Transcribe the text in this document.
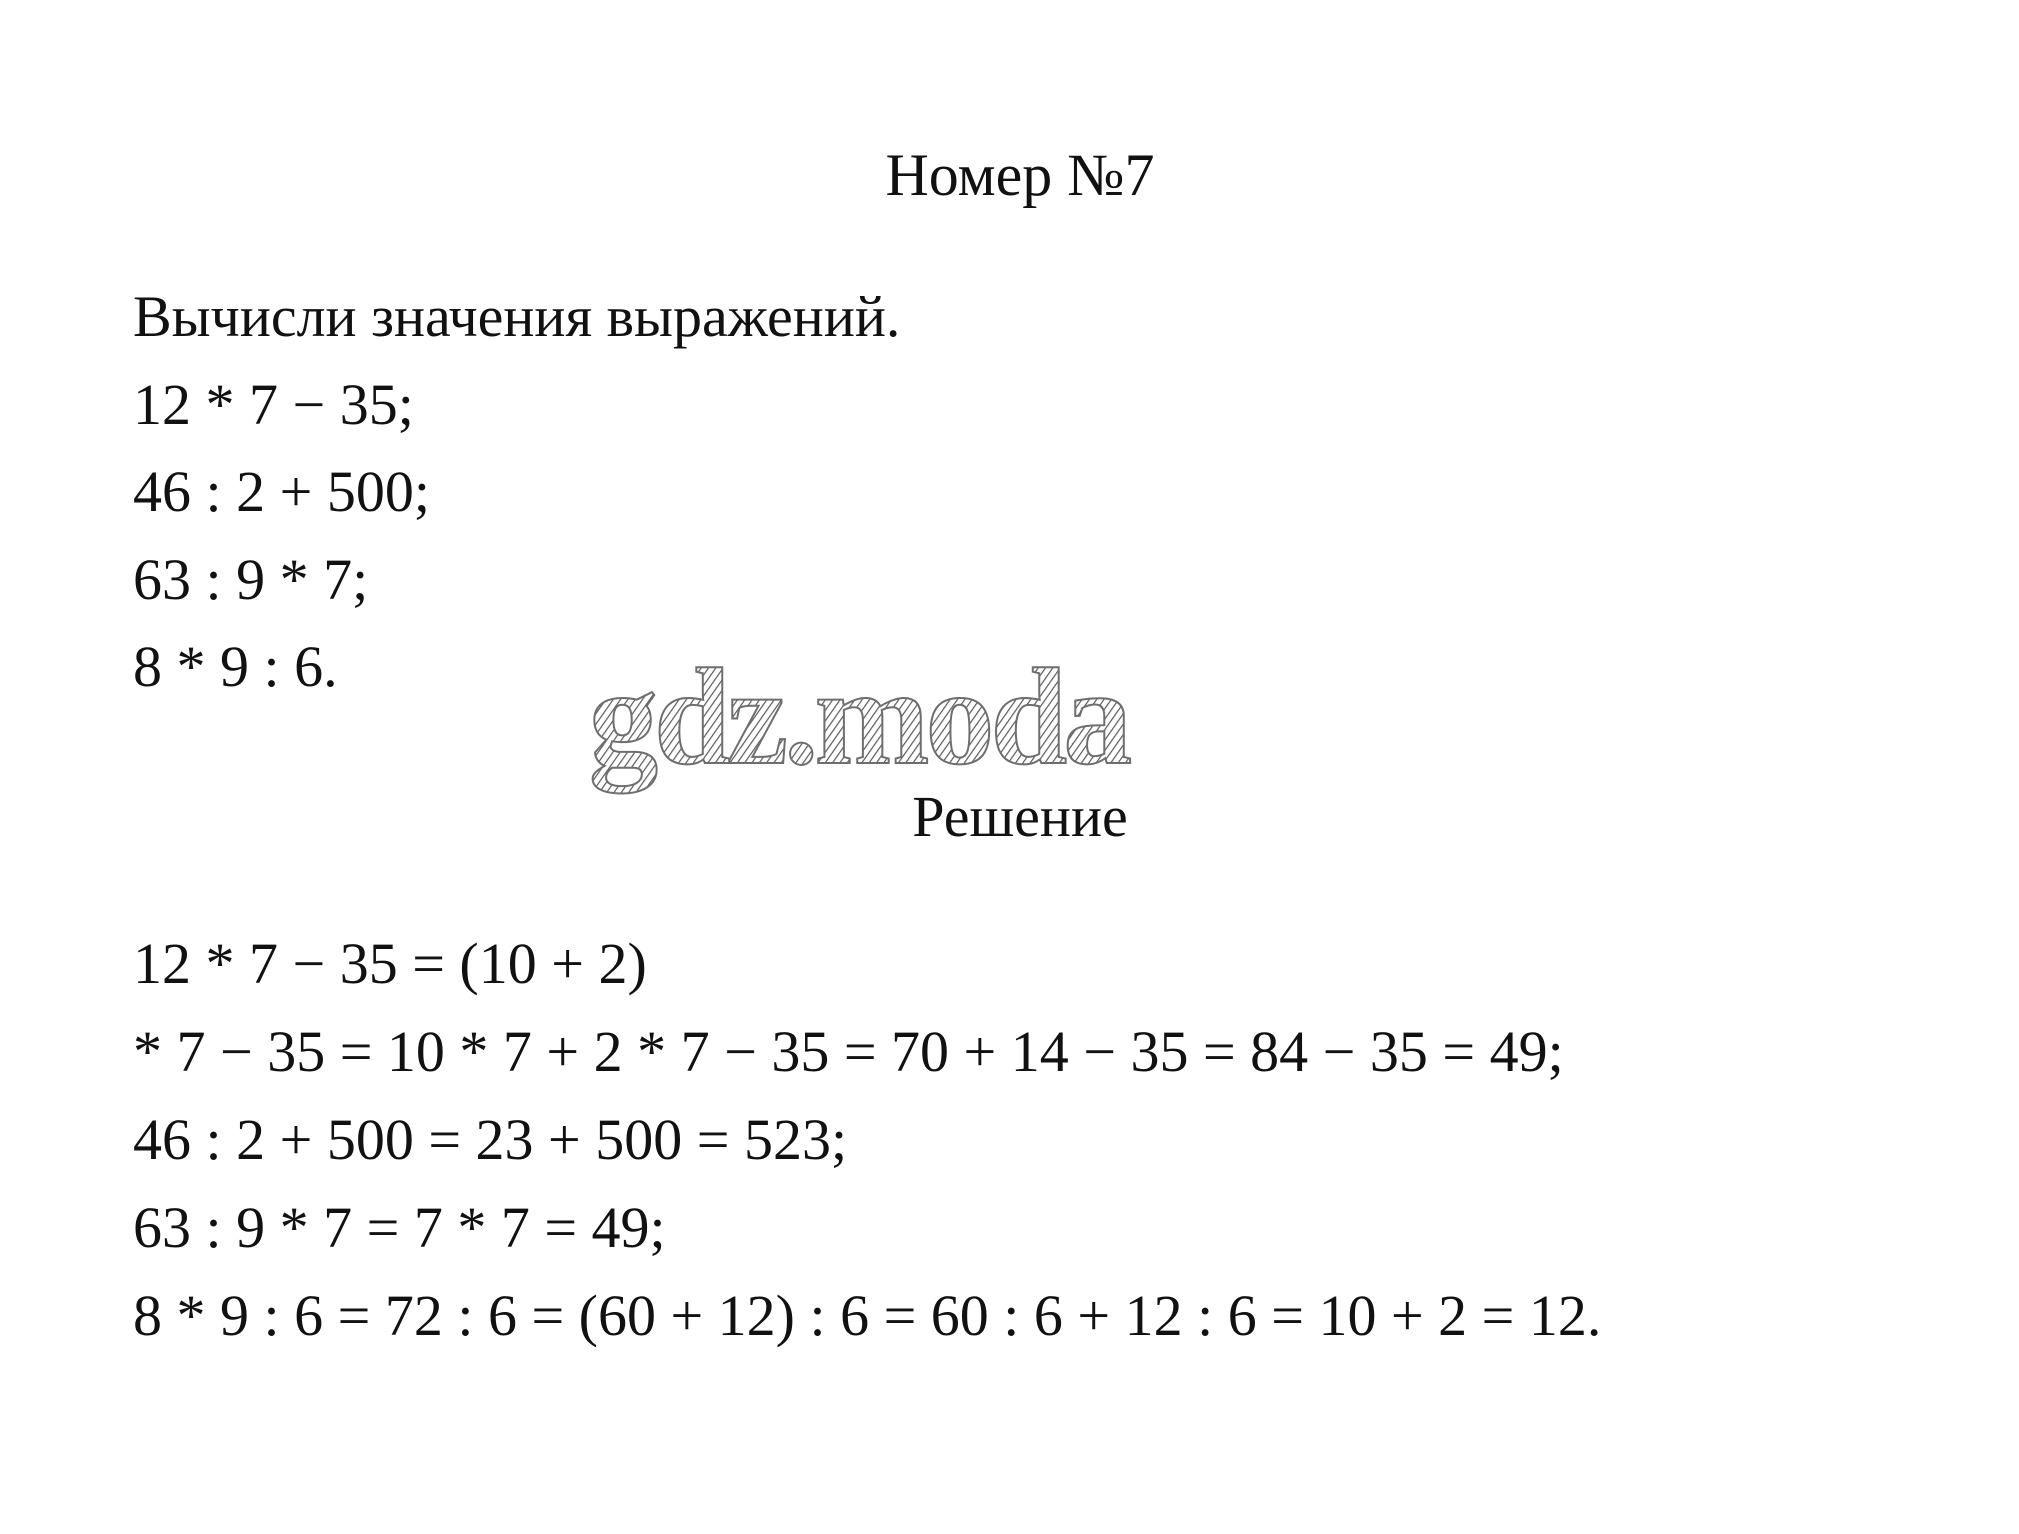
Номер №7
Вычисли значения выражений.
12 * 7 − 35;
46 : 2 + 500;
63 : 9 * 7;
8 * 9 : 6.	gdz.moda
Решение
12 * 7 − 35 = (10 + 2)
* 7 − 35 = 10 * 7 + 2 * 7 − 35 = 70 + 14 − 35 = 84 − 35 = 49;
46 : 2 + 500 = 23 + 500 = 523;
63 : 9 * 7 = 7 * 7 = 49;
8 * 9 : 6 = 72 : 6 = (60 + 12) : 6 = 60 : 6 + 12 : 6 = 10 + 2 = 12.
